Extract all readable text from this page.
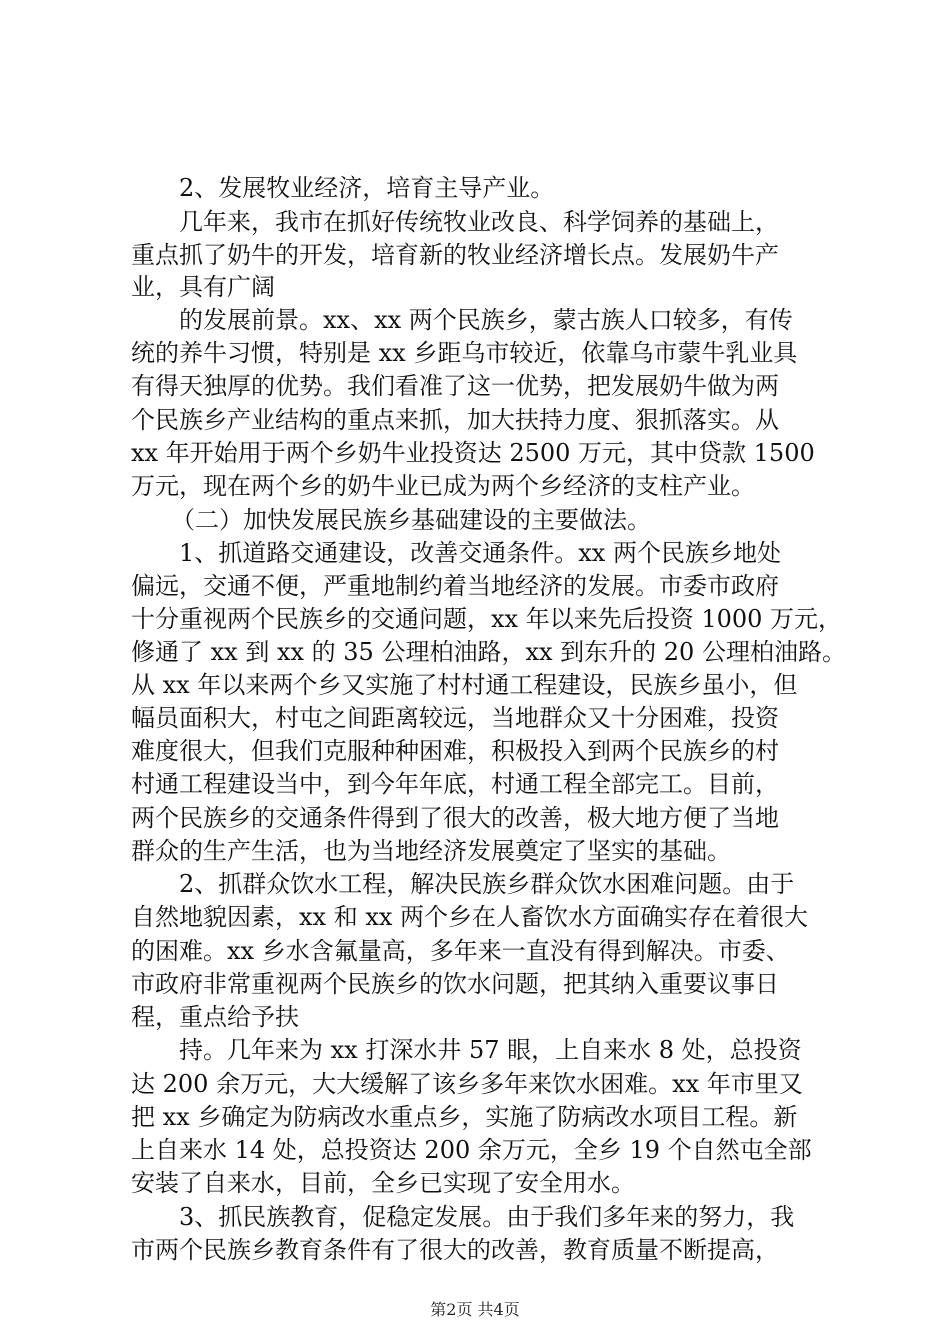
2、发展牧业经济，培育主导产业。
几年来，我市在抓好传统牧业改良、科学饲养的基础上，
重点抓了奶牛的开发，培育新的牧业经济增长点。发展奶牛产
业，具有广阔
的发展前景。xx、xx 两个民族乡，蒙古族人口较多，有传
统的养牛习惯，特别是 xx 乡距乌市较近，依靠乌市蒙牛乳业具
有得天独厚的优势。我们看准了这一优势，把发展奶牛做为两
个民族乡产业结构的重点来抓，加大扶持力度、狠抓落实。从
xx 年开始用于两个乡奶牛业投资达 2500 万元，其中贷款 1500
万元，现在两个乡的奶牛业已成为两个乡经济的支柱产业。
（二）加快发展民族乡基础建设的主要做法。
1、抓道路交通建设，改善交通条件。xx 两个民族乡地处
偏远，交通不便，严重地制约着当地经济的发展。市委市政府
十分重视两个民族乡的交通问题，xx 年以来先后投资 1000 万元，
修通了 xx 到 xx 的 35 公理柏油路，xx 到东升的 20 公理柏油路。
从 xx 年以来两个乡又实施了村村通工程建设，民族乡虽小，但
幅员面积大，村屯之间距离较远，当地群众又十分困难，投资
难度很大，但我们克服种种困难，积极投入到两个民族乡的村
村通工程建设当中，到今年年底，村通工程全部完工。目前，
两个民族乡的交通条件得到了很大的改善，极大地方便了当地
群众的生产生活，也为当地经济发展奠定了坚实的基础。
2、抓群众饮水工程，解决民族乡群众饮水困难问题。由于
自然地貌因素，xx 和 xx 两个乡在人畜饮水方面确实存在着很大
的困难。xx 乡水含氟量高，多年来一直没有得到解决。市委、
市政府非常重视两个民族乡的饮水问题，把其纳入重要议事日
程，重点给予扶
持。几年来为 xx 打深水井 57 眼，上自来水 8 处，总投资
达 200 余万元，大大缓解了该乡多年来饮水困难。xx 年市里又
把 xx 乡确定为防病改水重点乡，实施了防病改水项目工程。新
上自来水 14 处，总投资达 200 余万元，全乡 19 个自然屯全部
安装了自来水，目前，全乡已实现了安全用水。
3、抓民族教育，促稳定发展。由于我们多年来的努力，我
市两个民族乡教育条件有了很大的改善，教育质量不断提高，
第2页 共4页
